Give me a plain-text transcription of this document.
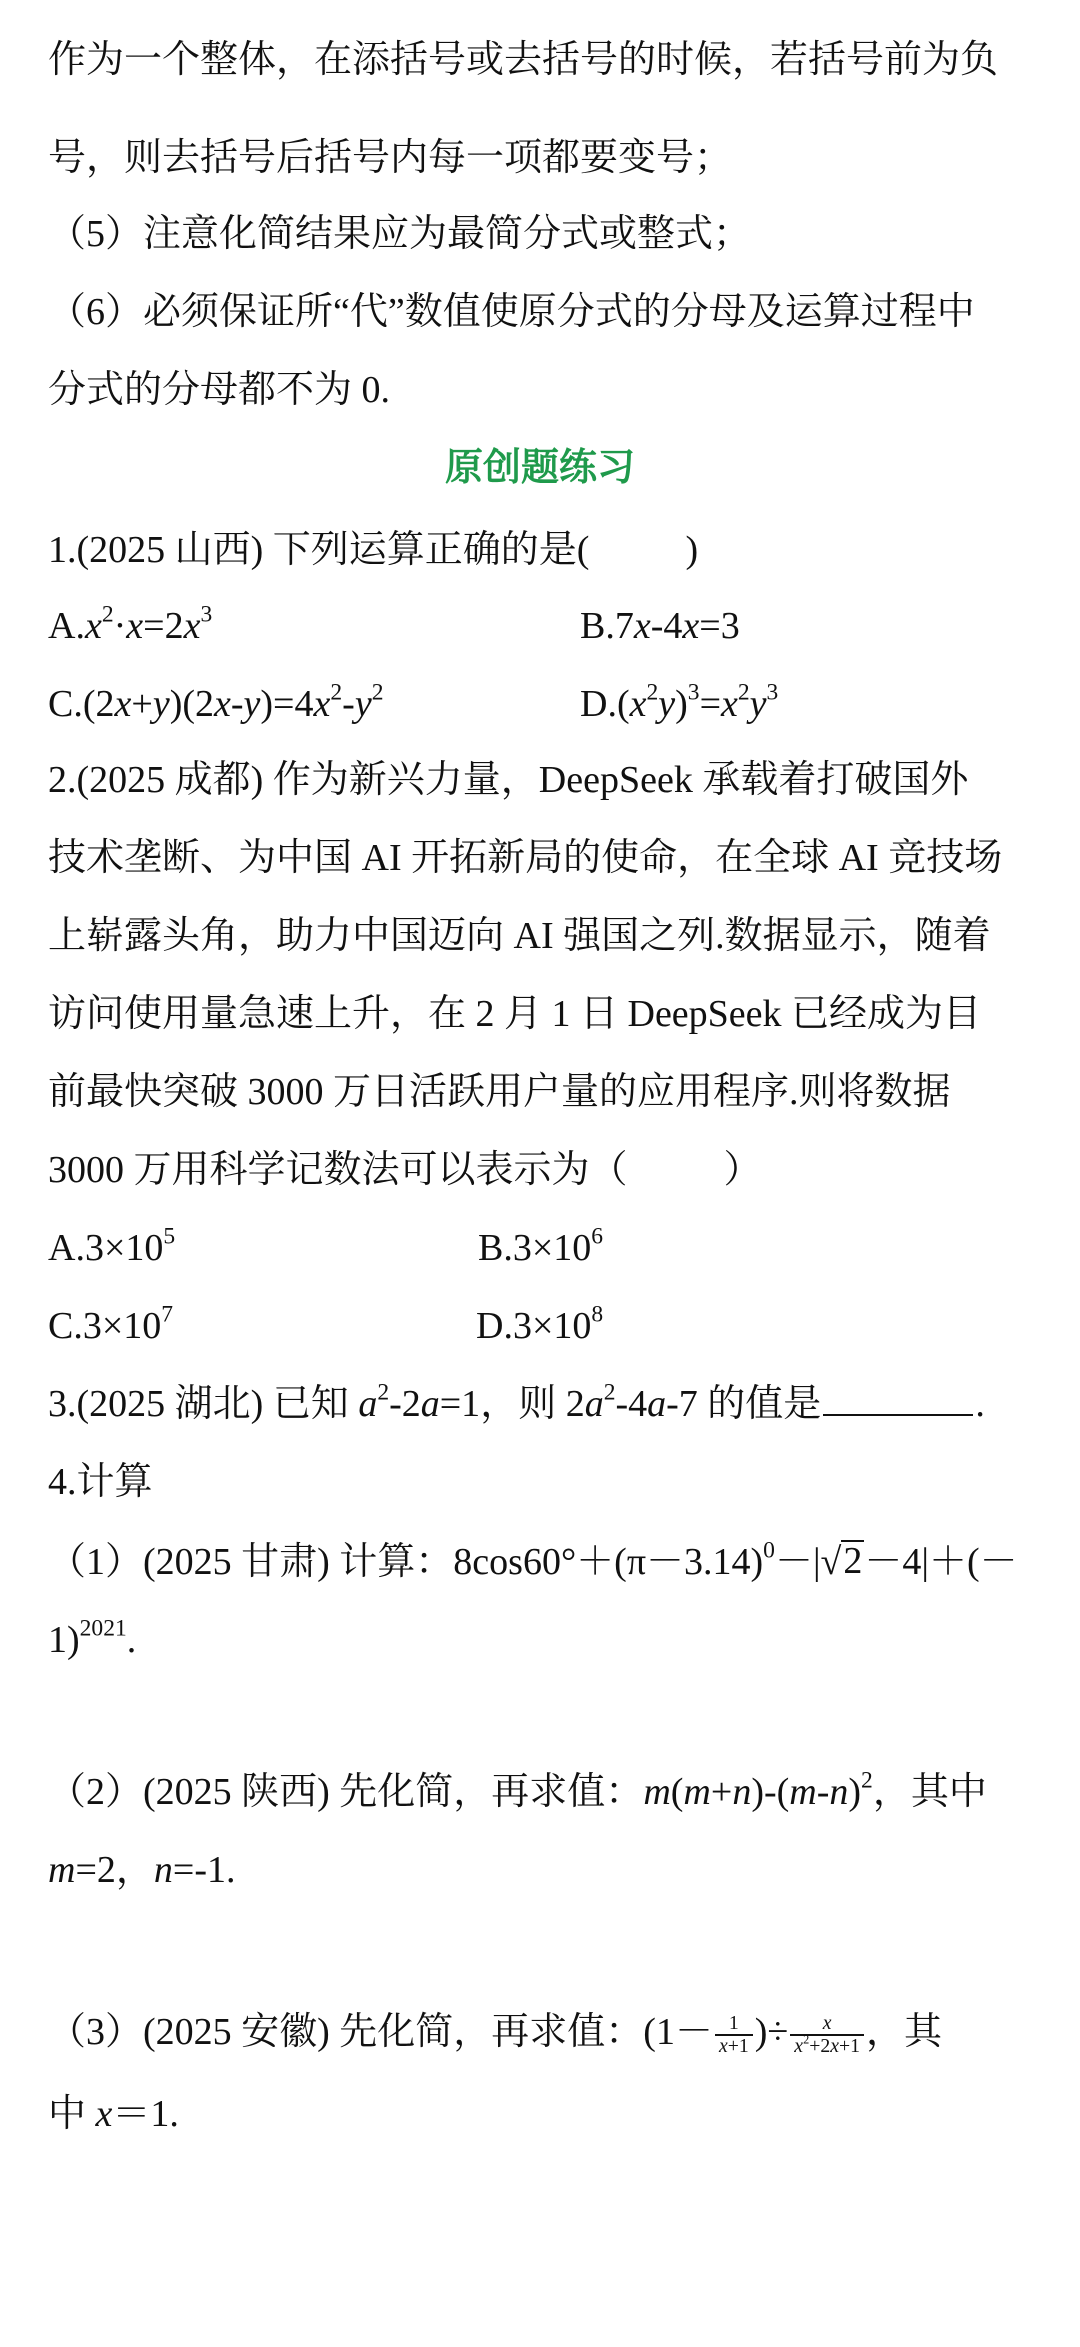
作为一个整体，在添括号或去括号的时候，若括号前为负
号，则去括号后括号内每一项都要变号；
（5）注意化简结果应为最简分式或整式；
（6）必须保证所“代”数值使原分式的分母及运算过程中
分式的分母都不为 0.
原创题练习
1.(2025 山西) 下列运算正确的是(	)
$A.x^2\cdot x=2x^3$	B.7x-4x=3
$C.(2x+y)(2x-y)=4x^2-y^2$	$D.(x^2y)^3=x^2y^3$
2.(2025 成都) 作为新兴力量，DeepSeek 承载着打破国外
技术垄断、为中国 AI 开拓新局的使命，在全球 AI 竞技场
上崭露头角，助力中国迈向 AI 强国之列.数据显示，随着
访问使用量急速上升，在 2 月 1 日 DeepSeek 已经成为目
前最快突破 3000 万日活跃用户量的应用程序.则将数据
3000 万用科学记数法可以表示为（	）
$A.3\times 10^5$	$B.3\times 10^6$
$C.3\times 10^7$	$D.3\times 10^8$
3.(2025 湖北) 已知 $a^2-2a=1$，则 $2a^2-4a-7$ 的值是	.
4.计算
（1）(2025 甘肃) 计算：$8\cos 60^\circ+(\pi-3.14)^0-|$ √ 2 －4|＋(－
1)$^{2021}$.
（2）(2025 陕西) 先化简，再求值：$m(m+n)-(m-n)^2$，其中
m=2，n=-1.
（3）(2025 安徽) 先化简，再求值：($1- \frac{1}{x+1}$ )÷ $\frac{x}{x^2+2x+1}$ ，其
中 x＝1.
